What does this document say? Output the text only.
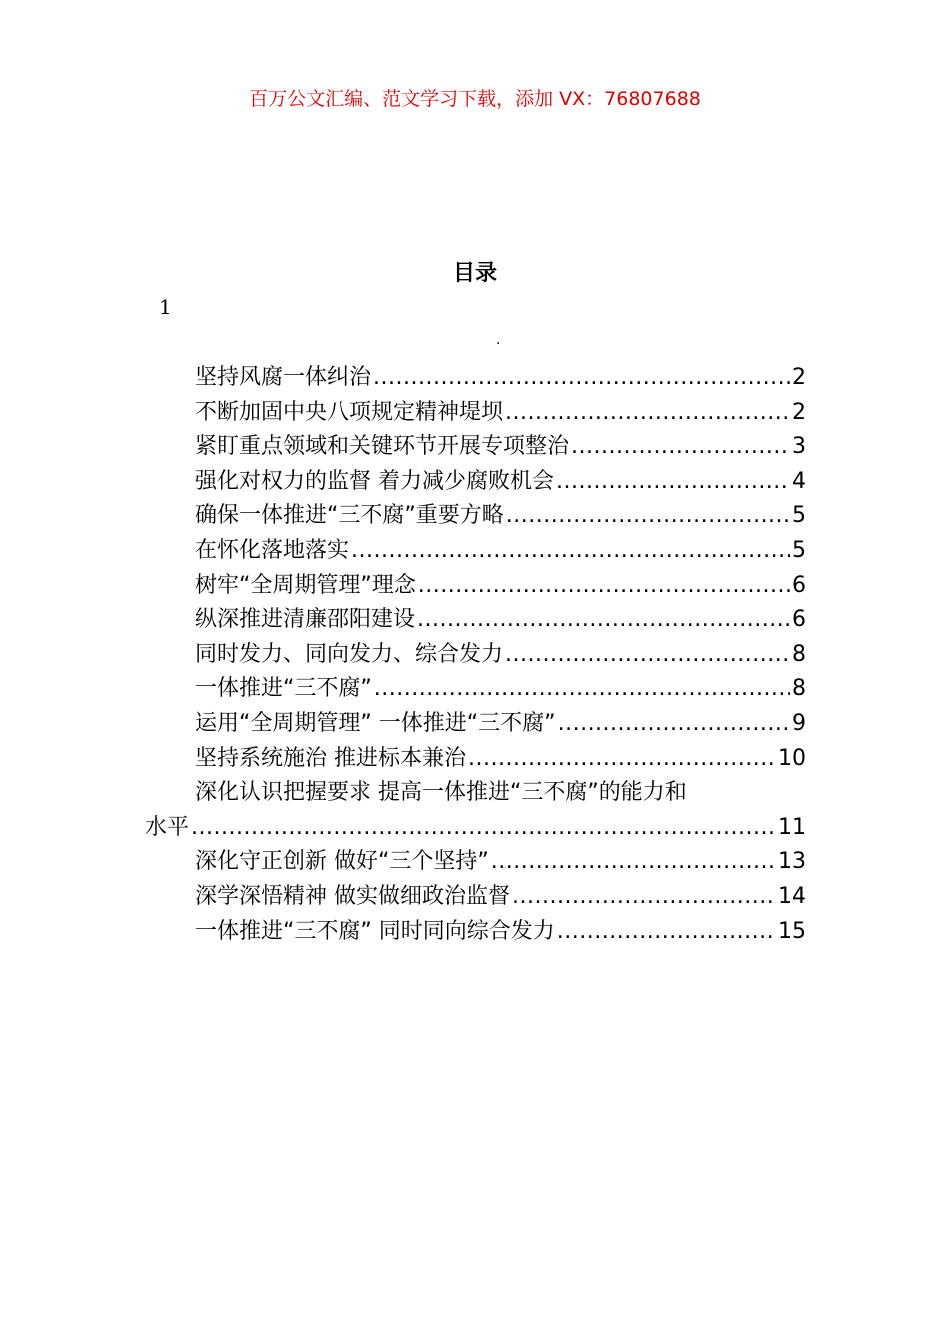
百万公文汇编、范文学习下载，添加 VX：76807688
目录
1
.
坚持风腐一体纠治 .....	2
不断加固中央八项规定精神堤坝 .....	2
紧盯重点领域和关键环节开展专项整治 .....	3
强化对权力的监督 着力减少腐败机会 .....	4
确保一体推进“三不腐”重要方略 .....	5
在怀化落地落实 .....	5
树牢“全周期管理”理念 .....	6
纵深推进清廉邵阳建设 .....	6
同时发力、同向发力、综合发力 .....	8
一体推进“三不腐” .....	8
运用“全周期管理” 一体推进“三不腐” .....	9
坚持系统施治 推进标本兼治 .....	10
深化认识把握要求 提高一体推进“三不腐”的能力和
水平 .....	11
深化守正创新 做好“三个坚持” .....	13
深学深悟精神 做实做细政治监督 .....	14
一体推进“三不腐” 同时同向综合发力 .....	15
